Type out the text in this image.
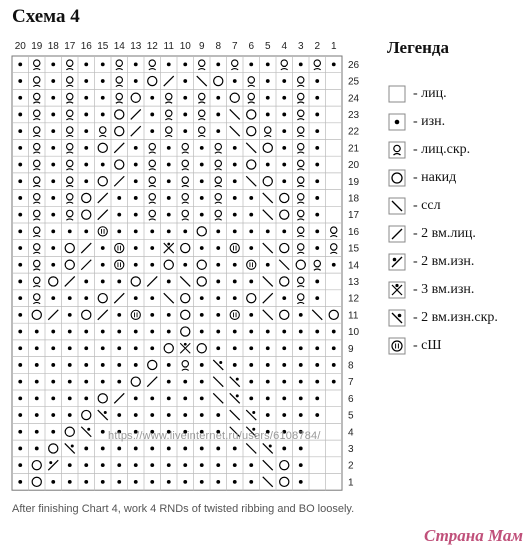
Схема 4
20 19 18 17 16 15 14 13 12 11 10 9 8 7 6 5 4 3 2 1
26
25
24
23
22
21
20
19
18
17
16
15
14
13
12
11
10
9
8
7
6
5
4
3
2
1
Легенда
- лиц.
- изн.
- лиц.скр.
- накид
- ссл
- 2 вм.лиц.
- 2 вм.изн.
- 3 вм.изн.
- 2 вм.изн.скр.
- сШ
https://www.liveinternet.ru/users/6108784/
After finishing Chart 4, work 4 RNDs of twisted ribbing and BO loosely.
Страна Мам
